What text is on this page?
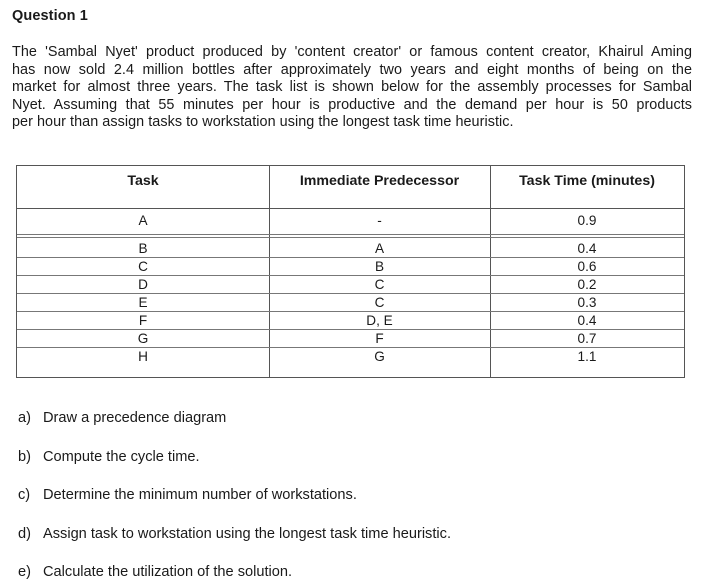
Question 1
The 'Sambal Nyet' product produced by 'content creator' or famous content creator, Khairul Aming
has now sold 2.4 million bottles after approximately two years and eight months of being on the
market for almost three years. The task list is shown below for the assembly processes for Sambal
Nyet. Assuming that 55 minutes per hour is productive and the demand per hour is 50 products
per hour than assign tasks to workstation using the longest task time heuristic.
Task	Immediate Predecessor	Task Time (minutes)
A	-	0.9
B	A	0.4
C	B	0.6
D	C	0.2
E	C	0.3
F	D, E	0.4
G	F	0.7
H	G	1.1
a) Draw a precedence diagram
b) Compute the cycle time.
c) Determine the minimum number of workstations.
d) Assign task to workstation using the longest task time heuristic.
e) Calculate the utilization of the solution.
